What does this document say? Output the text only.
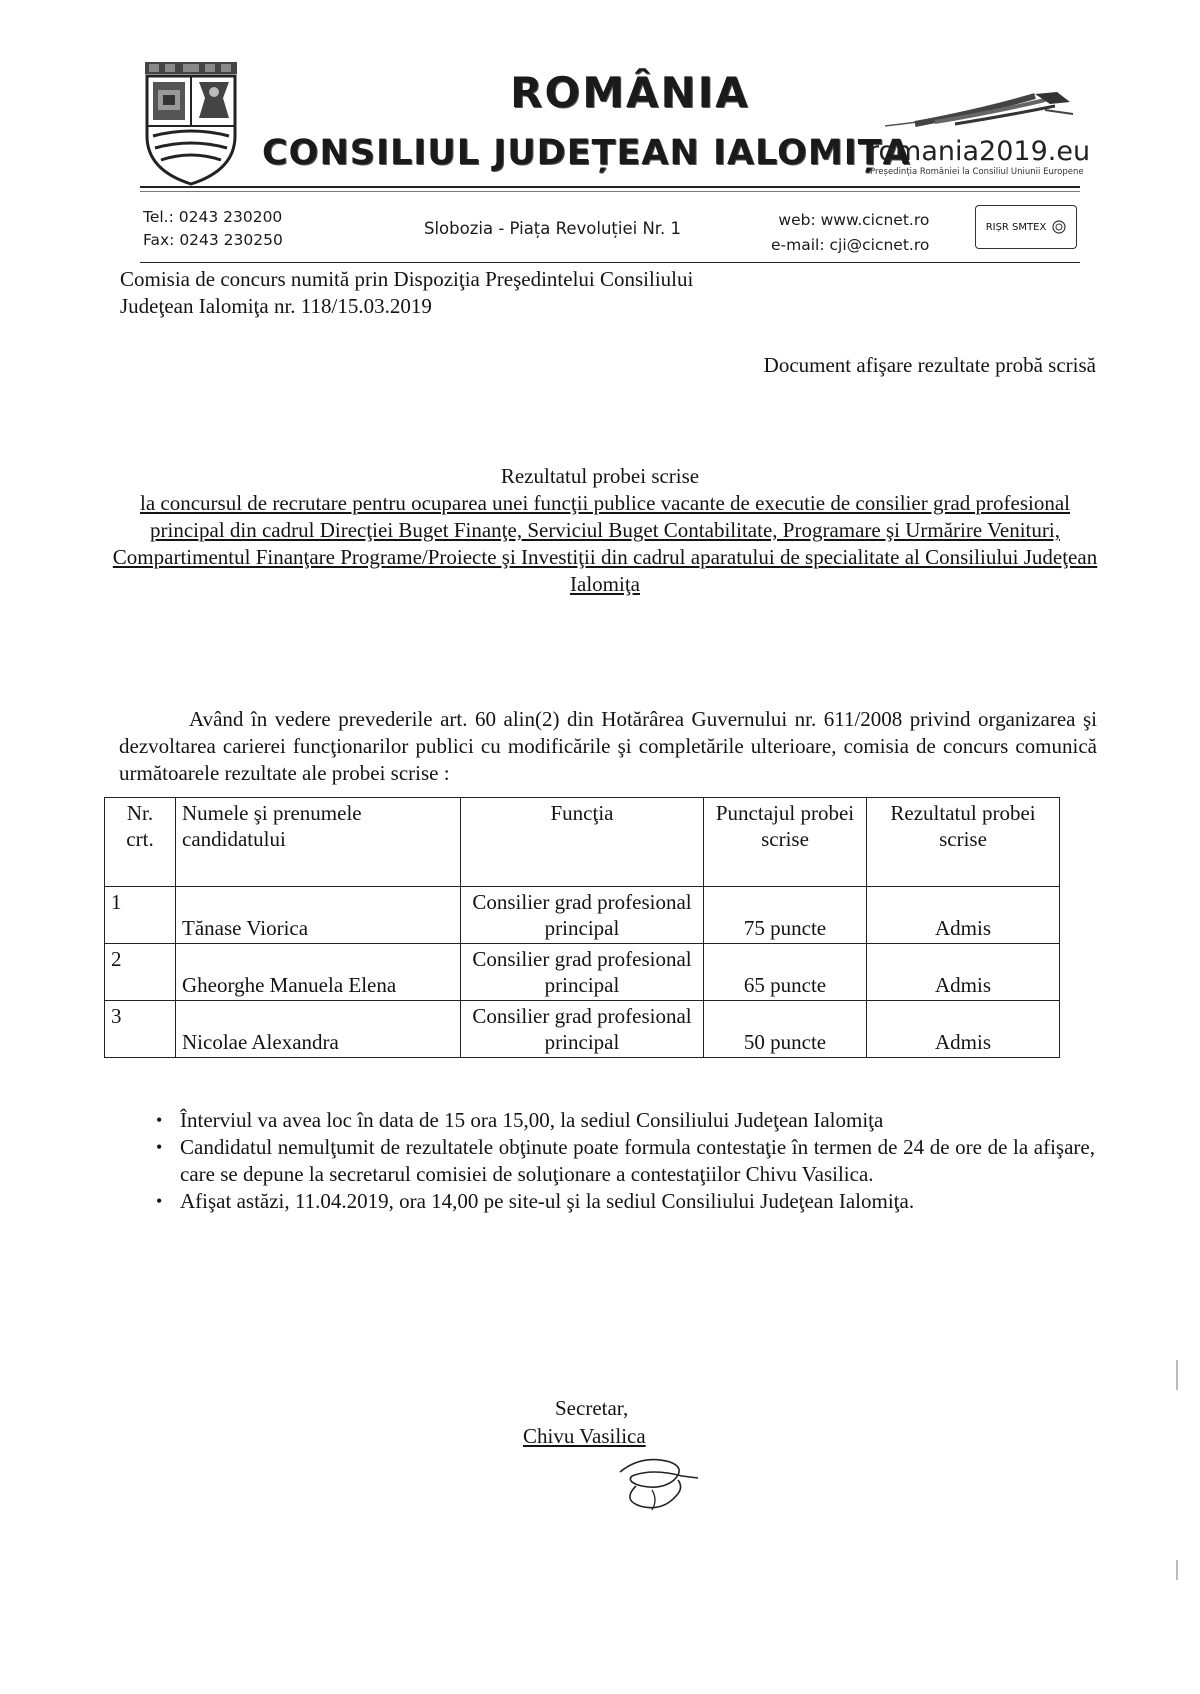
ROMÂNIA
CONSILIUL JUDEȚEAN IALOMIȚA
romania2019.eu
Președinția României la Consiliul Uniunii Europene
Tel.: 0243 230200
Fax: 0243 230250
Slobozia - Piața Revoluției Nr. 1	web: www.cicnet.ro
e-mail: cji@cicnet.ro
RIṢR SMTEX
Comisia de concurs numită prin Dispoziţia Preşedintelui Consiliului
Judeţean Ialomiţa nr. 118/15.03.2019
Document afişare rezultate probă scrisă
Rezultatul probei scrise
la concursul de recrutare pentru ocuparea unei funcţii publice vacante de executie de consilier grad profesional principal din cadrul Direcţiei Buget Finanţe, Serviciul Buget Contabilitate, Programare şi Urmărire Venituri, Compartimentul Finanţare Programe/Proiecte şi Investiţii din cadrul aparatului de specialitate al Consiliului Judeţean Ialomiţa
Având în vedere prevederile art. 60 alin(2) din Hotărârea Guvernului nr. 611/2008 privind organizarea şi dezvoltarea carierei funcţionarilor publici cu modificările şi completările ulterioare, comisia de concurs comunică următoarele rezultate ale probei scrise :
Nr. crt.	Numele şi prenumele candidatului	Funcţia	Punctajul probei scrise	Rezultatul probei scrise
1	Tănase Viorica	Consilier grad profesional principal	75 puncte	Admis
2	Gheorghe Manuela Elena	Consilier grad profesional principal	65 puncte	Admis
3	Nicolae Alexandra	Consilier grad profesional principal	50 puncte	Admis
• Înterviul va avea loc în data de 15 ora 15,00, la sediul Consiliului Judeţean Ialomiţa
• Candidatul nemulţumit de rezultatele obţinute poate formula contestaţie în termen de 24 de ore de la afişare, care se depune la secretarul comisiei de soluţionare a contestaţiilor Chivu Vasilica.
• Afişat astăzi, 11.04.2019, ora 14,00 pe site-ul şi la sediul Consiliului Judeţean Ialomiţa.
Secretar,
Chivu Vasilica
